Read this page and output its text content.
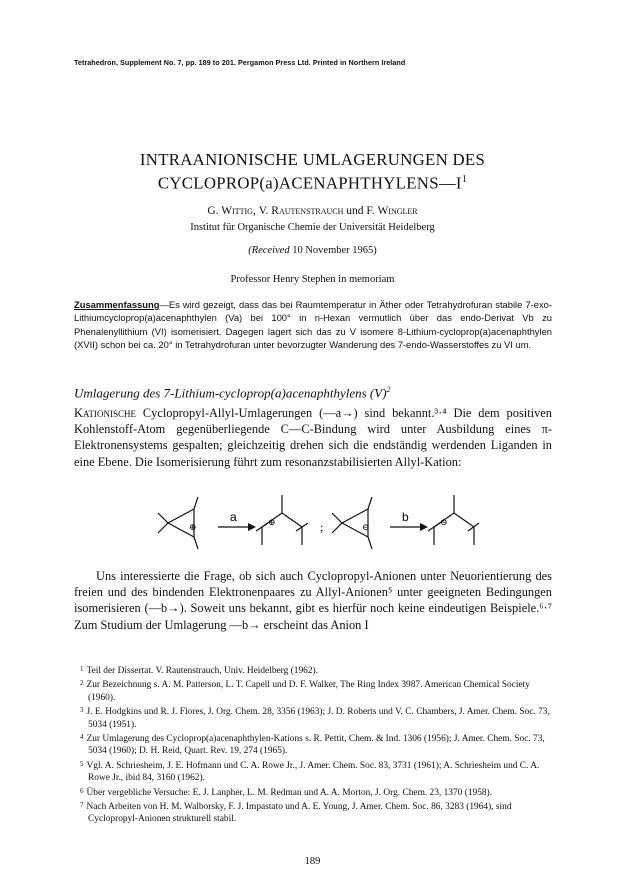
Tetrahedron, Supplement No. 7, pp. 189 to 201. Pergamon Press Ltd. Printed in Northern Ireland
INTRAANIONISCHE UMLAGERUNGEN DES
$CYCLOPROP(a)ACENAPHTHYLENS—I^1$
G. Wittig, V. Rautenstrauch und F. Wingler
Institut für Organische Chemie der Universität Heidelberg
(Received 10 November 1965)
Professor Henry Stephen in memoriam
Zusammenfassung—Es wird gezeigt, dass das bei Raumtemperatur in Äther oder Tetrahydrofuran stabile 7-exo-Lithiumcycloprop(a)acenaphthylen (Va) bei 100° in n-Hexan vermutlich über das endo-Derivat Vb zu Phenalenyllithium (VI) isomerisiert. Dagegen lagert sich das zu V isomere 8-Lithium-cycloprop(a)acenaphthylen (XVII) schon bei ca. 20° in Tetrahydrofuran unter bevorzugter Wanderung des 7-endo-Wasserstoffes zu VI um.
Umlagerung des 7-Lithium-cycloprop(a)acenaphthylens $(V)^2$
Kationische Cyclopropyl-Allyl-Umlagerungen (—a→) sind bekannt.³·⁴ Die dem positiven Kohlenstoff-Atom gegenüberliegende C—C-Bindung wird unter Ausbildung eines π-Elektronensystems gespalten; gleichzeitig drehen sich die endständig werdenden Liganden in eine Ebene. Die Isomerisierung führt zum resonanzstabilisierten Allyl-Kation:
⊕
a	⊕	;	⊖
b	⊖
Uns interessierte die Frage, ob sich auch Cyclopropyl-Anionen unter Neuorientierung des freien und des bindenden Elektronenpaares zu Allyl-Anionen⁵ unter geeigneten Bedingungen isomerisieren (—b→). Soweit uns bekannt, gibt es hierfür noch keine eindeutigen Beispiele.⁶·⁷ Zum Studium der Umlagerung —b→ erscheint das Anion I
$^1$ Teil der Dissertat. V. Rautenstrauch, Univ. Heidelberg (1962).
$^2$ Zur Bezeichnung s. A. M. Patterson, L. T. Capell und D. F. Walker, The Ring Index 3987. American Chemical Society (1960).
$^3$ J. E. Hodgkins und R. J. Flores, J. Org. Chem. 28, 3356 (1963); J. D. Roberts und V. C. Chambers, J. Amer. Chem. Soc. 73, 5034 (1951).
$^4$ Zur Umlagerung des Cycloprop(a)acenaphthylen-Kations s. R. Pettit, Chem. & Ind. 1306 (1956); J. Amer. Chem. Soc. 73, 5034 (1960); D. H. Reid, Quart. Rev. 19, 274 (1965).
$^5$ Vgl. A. Schriesheim, J. E. Hofmann und C. A. Rowe Jr., J. Amer. Chem. Soc. 83, 3731 (1961); A. Schriesheim und C. A. Rowe Jr., ibid 84, 3160 (1962).
$^6$ Über vergebliche Versuche: E. J. Lanpher, L. M. Redman und A. A. Morton, J. Org. Chem. 23, 1370 (1958).
$^7$ Nach Arbeiten von H. M. Walborsky, F. J. Impastato und A. E. Young, J. Amer. Chem. Soc. 86, 3283 (1964), sind Cyclopropyl-Anionen strukturell stabil.
189
